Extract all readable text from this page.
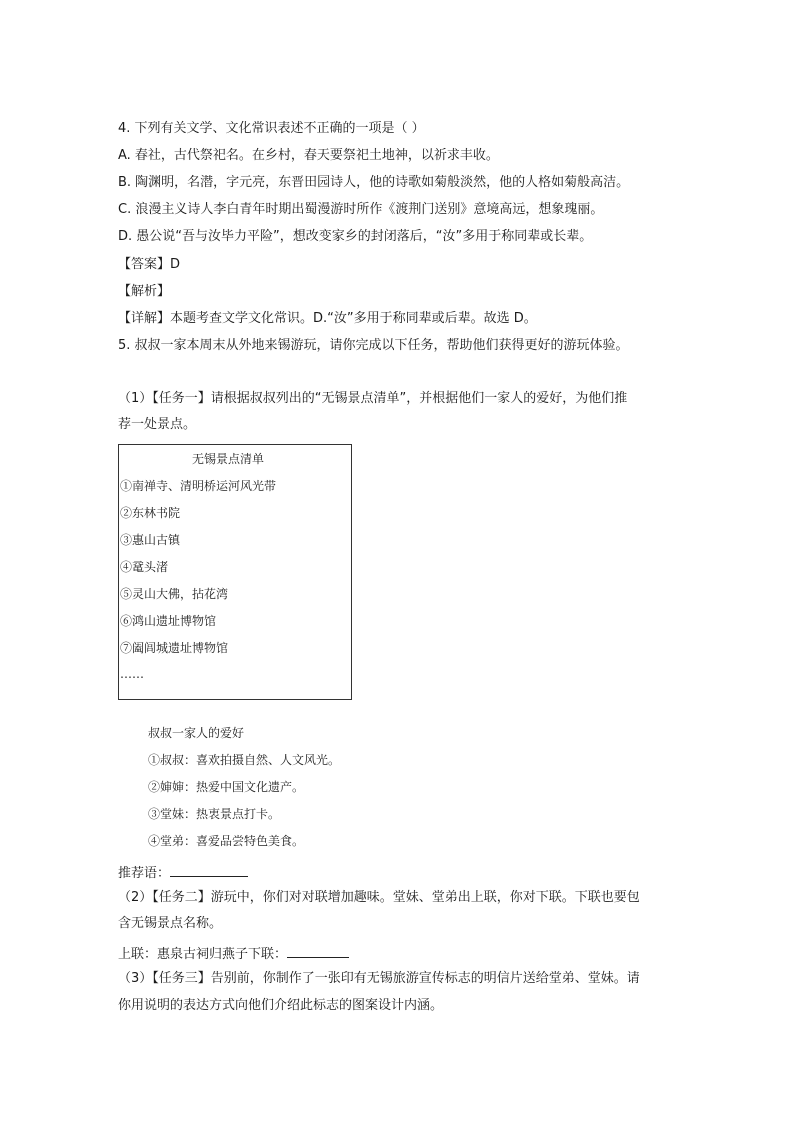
4. 下列有关文学、文化常识表述不正确的一项是（ ）
A. 春社，古代祭祀名。在乡村，春天要祭祀土地神，以祈求丰收。
B. 陶渊明，名潜，字元亮，东晋田园诗人，他的诗歌如菊般淡然，他的人格如菊般高洁。
C. 浪漫主义诗人李白青年时期出蜀漫游时所作《渡荆门送别》意境高远，想象瑰丽。
D. 愚公说“吾与汝毕力平险”，想改变家乡的封闭落后，“汝”多用于称同辈或长辈。
【答案】D
【解析】
【详解】本题考查文学文化常识。D.“汝”多用于称同辈或后辈。故选 D。
5. 叔叔一家本周末从外地来锡游玩，请你完成以下任务，帮助他们获得更好的游玩体验。
（1）【任务一】请根据叔叔列出的“无锡景点清单”，并根据他们一家人的爱好，为他们推
荐一处景点。
无锡景点清单
①南禅寺、清明桥运河风光带
②东林书院
③惠山古镇
④鼋头渚
⑤灵山大佛，拈花湾
⑥鸿山遗址博物馆
⑦阖闾城遗址博物馆
……
叔叔一家人的爱好
①叔叔：喜欢拍摄自然、人文风光。
②婶婶：热爱中国文化遗产。
③堂妹：热衷景点打卡。
④堂弟：喜爱品尝特色美食。
推荐语：
（2）【任务二】游玩中，你们对对联增加趣味。堂妹、堂弟出上联，你对下联。下联也要包
含无锡景点名称。
上联：惠泉古祠归燕子下联：
（3）【任务三】告别前，你制作了一张印有无锡旅游宣传标志的明信片送给堂弟、堂妹。请
你用说明的表达方式向他们介绍此标志的图案设计内涵。
